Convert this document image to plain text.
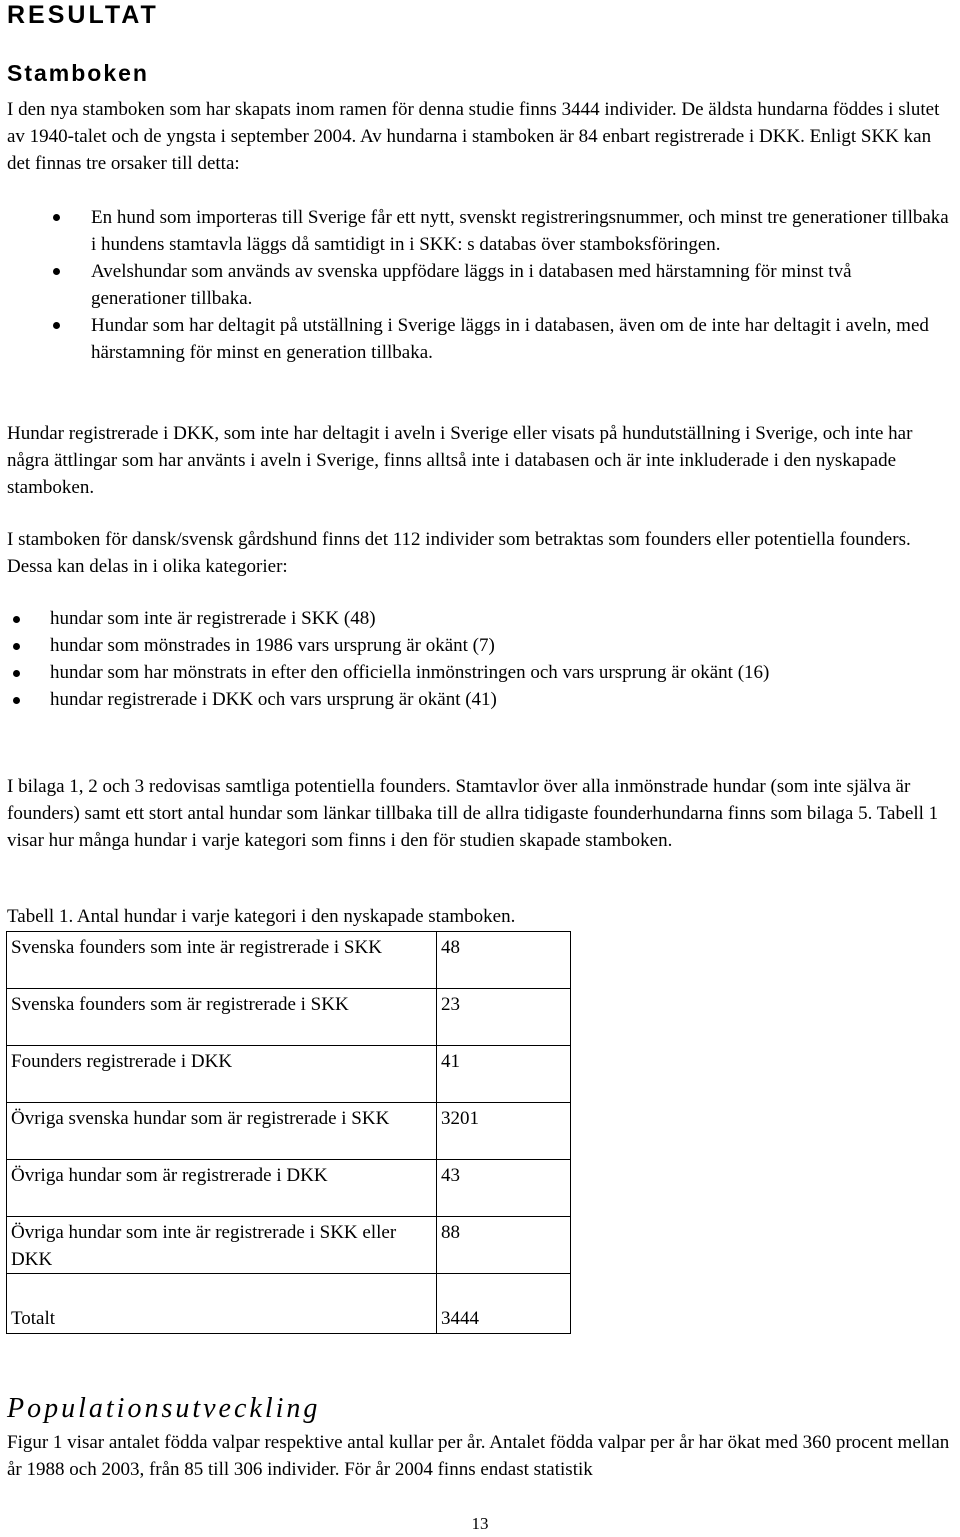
RESULTAT
Stamboken

I den nya stamboken som har skapats inom ramen för denna studie finns 3444 individer. De äldsta hundarna föddes i slutet av 1940-talet och de yngsta i september 2004. Av hundarna i stamboken är 84 enbart registrerade i DKK. Enligt SKK kan det finnas tre orsaker till detta:

En hund som importeras till Sverige får ett nytt, svenskt registreringsnummer, och minst tre generationer tillbaka i hundens stamtavla läggs då samtidigt in i SKK: s databas över stamboksföringen.
Avelshundar som används av svenska uppfödare läggs in i databasen med härstamning för minst två generationer tillbaka.
Hundar som har deltagit på utställning i Sverige läggs in i databasen, även om de inte har deltagit i aveln, med härstamning för minst en generation tillbaka.

Hundar registrerade i DKK, som inte har deltagit i aveln i Sverige eller visats på hundutställning i Sverige, och inte har några ättlingar som har använts i aveln i Sverige, finns alltså inte i databasen och är inte inkluderade i den nyskapade stamboken.

I stamboken för dansk/svensk gårdshund finns det 112 individer som betraktas som founders eller potentiella founders. Dessa kan delas in i olika kategorier:

hundar som inte är registrerade i SKK (48)
hundar som mönstrades in 1986 vars ursprung är okänt (7)
hundar som har mönstrats in efter den officiella inmönstringen och vars ursprung är okänt (16)
hundar registrerade i DKK och vars ursprung är okänt (41)

I bilaga 1, 2 och 3 redovisas samtliga potentiella founders. Stamtavlor över alla inmönstrade hundar (som inte själva är founders) samt ett stort antal hundar som länkar tillbaka till de allra tidigaste founderhundarna finns som bilaga 5. Tabell 1 visar hur många hundar i varje kategori som finns i den för studien skapade stamboken.

Tabell 1. Antal hundar i varje kategori i den nyskapade stamboken.

Svenska founders som inte är registrerade i SKK	48
Svenska founders som är registrerade i SKK	23
Founders registrerade i DKK	41
Övriga svenska hundar som är registrerade i SKK	3201
Övriga hundar som är registrerade i DKK	43
Övriga hundar som inte är registrerade i SKK eller DKK	88
Totalt	3444
Populationsutveckling

Figur 1 visar antalet födda valpar respektive antal kullar per år. Antalet födda valpar per år har ökat med 360 procent mellan år 1988 och 2003, från 85 till 306 individer. För år 2004 finns endast statistik

13
